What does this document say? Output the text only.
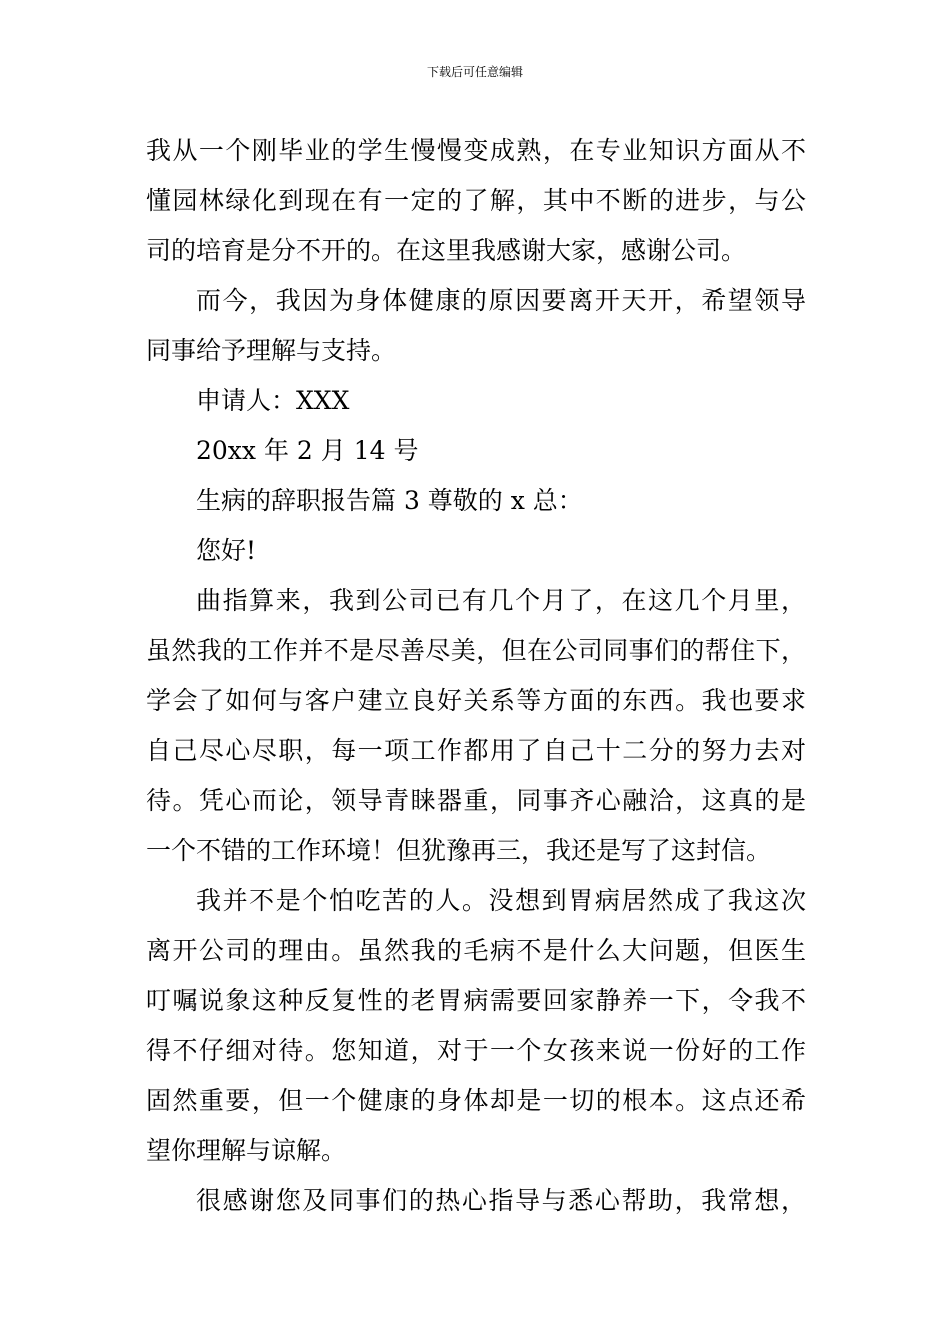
下载后可任意编辑
我从一个刚毕业的学生慢慢变成熟，在专业知识方面从不
懂园林绿化到现在有一定的了解，其中不断的进步，与公
司的培育是分不开的。在这里我感谢大家，感谢公司。
而今，我因为身体健康的原因要离开天开，希望领导
同事给予理解与支持。
申请人：XXX
20xx 年 2 月 14 号
生病的辞职报告篇 3 尊敬的 x 总：
您好!
曲指算来，我到公司已有几个月了，在这几个月里，
虽然我的工作并不是尽善尽美，但在公司同事们的帮住下，
学会了如何与客户建立良好关系等方面的东西。我也要求
自己尽心尽职，每一项工作都用了自己十二分的努力去对
待。凭心而论，领导青睐器重，同事齐心融洽，这真的是
一个不错的工作环境！但犹豫再三，我还是写了这封信。
我并不是个怕吃苦的人。没想到胃病居然成了我这次
离开公司的理由。虽然我的毛病不是什么大问题，但医生
叮嘱说象这种反复性的老胃病需要回家静养一下，令我不
得不仔细对待。您知道，对于一个女孩来说一份好的工作
固然重要，但一个健康的身体却是一切的根本。这点还希
望你理解与谅解。
很感谢您及同事们的热心指导与悉心帮助，我常想，
